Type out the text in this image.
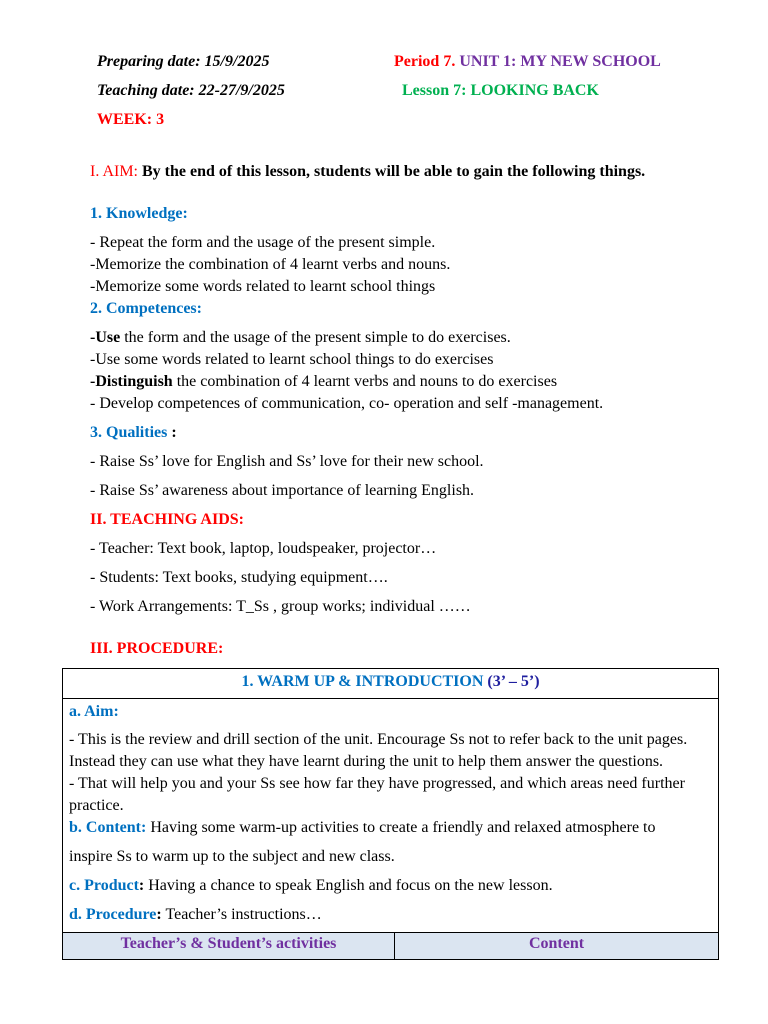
Preparing date: 15/9/2025
Teaching date: 22-27/9/2025
WEEK: 3
Period 7. UNIT 1: MY NEW SCHOOL
Lesson 7: LOOKING BACK
I. AIM: By the end of this lesson, students will be able to gain the following things.
1. Knowledge:
- Repeat the form and the usage of the present simple.
-Memorize the combination of 4 learnt verbs and nouns.
-Memorize some words related to learnt school things
2. Competences:
-Use the form and the usage of the present simple to do exercises.
-Use some words related to learnt school things to do exercises
-Distinguish the combination of 4 learnt verbs and nouns to do exercises
- Develop competences of communication, co- operation and self -management.
3. Qualities :
- Raise Ss’ love for English and Ss’ love for their new school.
- Raise Ss’ awareness about importance of learning English.
II. TEACHING AIDS:
- Teacher: Text book, laptop, loudspeaker, projector…
- Students: Text books, studying equipment….
- Work Arrangements: T_Ss , group works; individual ……
III. PROCEDURE:
1. WARM UP & INTRODUCTION (3’ – 5’)

a. Aim:
- This is the review and drill section of the unit. Encourage Ss not to refer back to the unit pages.
Instead they can use what they have learnt during the unit to help them answer the questions.
- That will help you and your Ss see how far they have progressed, and which areas need further
practice.
b. Content: Having some warm-up activities to create a friendly and relaxed atmosphere to
inspire Ss to warm up to the subject and new class.
c. Product: Having a chance to speak English and focus on the new lesson.
d. Procedure: Teacher’s instructions…

Teacher’s & Student’s activities	Content
